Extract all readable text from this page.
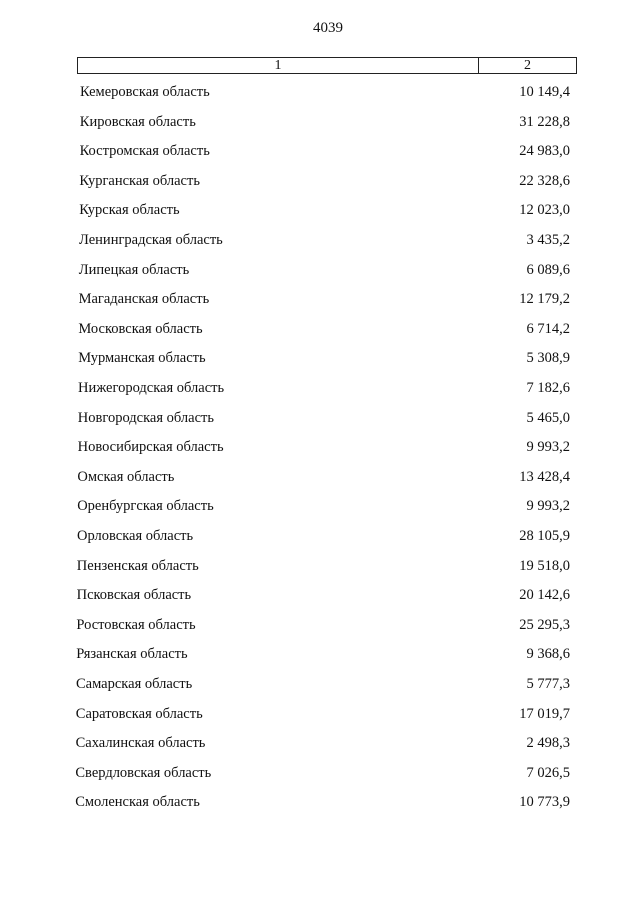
4039
1	2
Кемеровская область	10 149,4
Кировская область	31 228,8
Костромская область	24 983,0
Курганская область	22 328,6
Курская область	12 023,0
Ленинградская область	3 435,2
Липецкая область	6 089,6
Магаданская область	12 179,2
Московская область	6 714,2
Мурманская область	5 308,9
Нижегородская область	7 182,6
Новгородская область	5 465,0
Новосибирская область	9 993,2
Омская область	13 428,4
Оренбургская область	9 993,2
Орловская область	28 105,9
Пензенская область	19 518,0
Псковская область	20 142,6
Ростовская область	25 295,3
Рязанская область	9 368,6
Самарская область	5 777,3
Саратовская область	17 019,7
Сахалинская область	2 498,3
Свердловская область	7 026,5
Смоленская область	10 773,9
